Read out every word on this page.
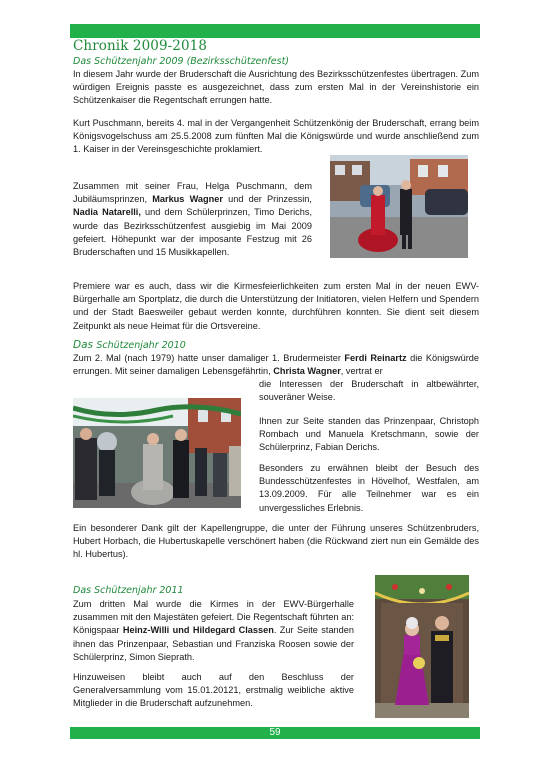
Chronik 2009-2018
Das Schützenjahr 2009 (Bezirksschützenfest)
In diesem Jahr wurde der Bruderschaft die Ausrichtung des Bezirksschützenfestes übertragen. Zum würdigen Ereignis passte es ausgezeichnet, dass zum ersten Mal in der Vereinshistorie ein Schützenkaiser die Regentschaft errungen hatte.
Kurt Puschmann, bereits 4. mal in der Vergangenheit Schützenkönig der Bruderschaft, errang beim Königsvogelschuss am 25.5.2008 zum fünften Mal die Königswürde und wurde anschließend zum 1. Kaiser in der Vereinsgeschichte proklamiert.
Zusammen mit seiner Frau, Helga Puschmann, dem Jubiläumsprinzen, Markus Wagner und der Prinzessin, Nadia Natarelli, und dem Schülerprinzen, Timo Derichs, wurde das Bezirksschützenfest ausgiebig im Mai 2009 gefeiert. Höhepunkt war der imposante Festzug mit 26 Bruderschaften und 15 Musikkapellen.
Premiere war es auch, dass wir die Kirmesfeierlichkeiten zum ersten Mal in der neuen EWV-Bürgerhalle am Sportplatz, die durch die Unterstützung der Initiatoren, vielen Helfern und Spendern und der Stadt Baesweiler gebaut werden konnte, durchführen konnten. Sie dient seit diesem Zeitpunkt als neue Heimat für die Ortsvereine.
Das Schützenjahr 2010
Zum 2. Mal (nach 1979) hatte unser damaliger 1. Brudermeister Ferdi Reinartz die Königswürde errungen. Mit seiner damaligen Lebensgefährtin, Christa Wagner, vertrat er
die Interessen der Bruderschaft in altbewährter, souveräner Weise.
Ihnen zur Seite standen das Prinzenpaar, Christoph Rombach und Manuela Kretschmann, sowie der Schülerprinz, Fabian Derichs.
Besonders zu erwähnen bleibt der Besuch des Bundesschützenfestes in Hövelhof, Westfalen, am 13.09.2009. Für alle Teilnehmer war es ein unvergessliches Erlebnis.
Ein besonderer Dank gilt der Kapellengruppe, die unter der Führung unseres Schützenbruders, Hubert Horbach, die Hubertuskapelle verschönert haben (die Rückwand ziert nun ein Gemälde des hl. Hubertus).
Das Schützenjahr 2011
Zum dritten Mal wurde die Kirmes in der EWV-Bürgerhalle zusammen mit den Majestäten gefeiert. Die Regentschaft führten an: Königspaar Heinz-Willi und Hildegard Classen. Zur Seite standen ihnen das Prinzenpaar, Sebastian und Franziska Roosen sowie der Schülerprinz, Simon Sieprath.
Hinzuweisen bleibt auch auf den Beschluss der Generalversammlung vom 15.01.20121, erstmalig weibliche aktive Mitglieder in die Bruderschaft aufzunehmen.
59
